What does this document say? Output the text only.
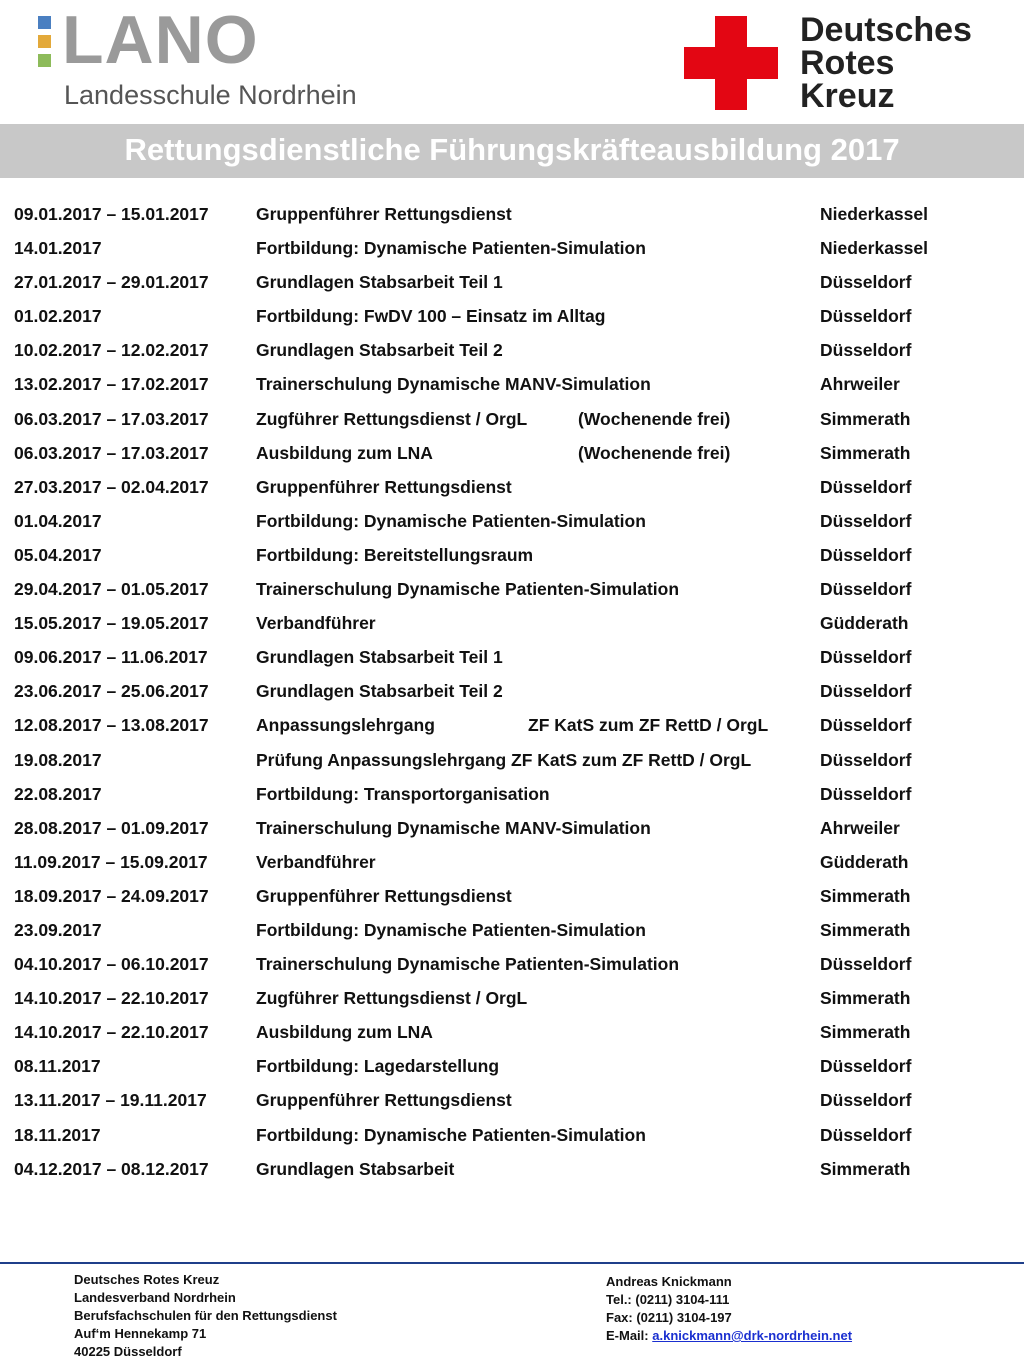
LANO
Landesschule Nordrhein
Deutsches
Rotes
Kreuz
Rettungsdienstliche Führungskräfteausbildung 2017
09.01.2017 – 15.01.2017	Gruppenführer Rettungsdienst	Niederkassel
14.01.2017	Fortbildung: Dynamische Patienten-Simulation	Niederkassel
27.01.2017 – 29.01.2017	Grundlagen Stabsarbeit Teil 1	Düsseldorf
01.02.2017	Fortbildung: FwDV 100 – Einsatz im Alltag	Düsseldorf
10.02.2017 – 12.02.2017	Grundlagen Stabsarbeit Teil 2	Düsseldorf
13.02.2017 – 17.02.2017	Trainerschulung Dynamische MANV-Simulation	Ahrweiler
06.03.2017 – 17.03.2017	Zugführer Rettungsdienst / OrgL	(Wochenende frei)	Simmerath
06.03.2017 – 17.03.2017	Ausbildung zum LNA	(Wochenende frei)	Simmerath
27.03.2017 – 02.04.2017	Gruppenführer Rettungsdienst	Düsseldorf
01.04.2017	Fortbildung: Dynamische Patienten-Simulation	Düsseldorf
05.04.2017	Fortbildung: Bereitstellungsraum	Düsseldorf
29.04.2017 – 01.05.2017	Trainerschulung Dynamische Patienten-Simulation	Düsseldorf
15.05.2017 – 19.05.2017	Verbandführer	Güdderath
09.06.2017 – 11.06.2017	Grundlagen Stabsarbeit Teil 1	Düsseldorf
23.06.2017 – 25.06.2017	Grundlagen Stabsarbeit Teil 2	Düsseldorf
12.08.2017 – 13.08.2017	Anpassungslehrgang	ZF KatS zum ZF RettD / OrgL	Düsseldorf
19.08.2017	Prüfung Anpassungslehrgang ZF KatS zum ZF RettD / OrgL	Düsseldorf
22.08.2017	Fortbildung: Transportorganisation	Düsseldorf
28.08.2017 – 01.09.2017	Trainerschulung Dynamische MANV-Simulation	Ahrweiler
11.09.2017 – 15.09.2017	Verbandführer	Güdderath
18.09.2017 – 24.09.2017	Gruppenführer Rettungsdienst	Simmerath
23.09.2017	Fortbildung: Dynamische Patienten-Simulation	Simmerath
04.10.2017 – 06.10.2017	Trainerschulung Dynamische Patienten-Simulation	Düsseldorf
14.10.2017 – 22.10.2017	Zugführer Rettungsdienst / OrgL	Simmerath
14.10.2017 – 22.10.2017	Ausbildung zum LNA	Simmerath
08.11.2017	Fortbildung: Lagedarstellung	Düsseldorf
13.11.2017 – 19.11.2017	Gruppenführer Rettungsdienst	Düsseldorf
18.11.2017	Fortbildung: Dynamische Patienten-Simulation	Düsseldorf
04.12.2017 – 08.12.2017	Grundlagen Stabsarbeit	Simmerath
Deutsches Rotes Kreuz
Landesverband Nordrhein
Berufsfachschulen für den Rettungsdienst
Auf‘m Hennekamp 71
40225 Düsseldorf
Andreas Knickmann
Tel.: (0211) 3104-111
Fax: (0211) 3104-197
E-Mail: a.knickmann@drk-nordrhein.net
